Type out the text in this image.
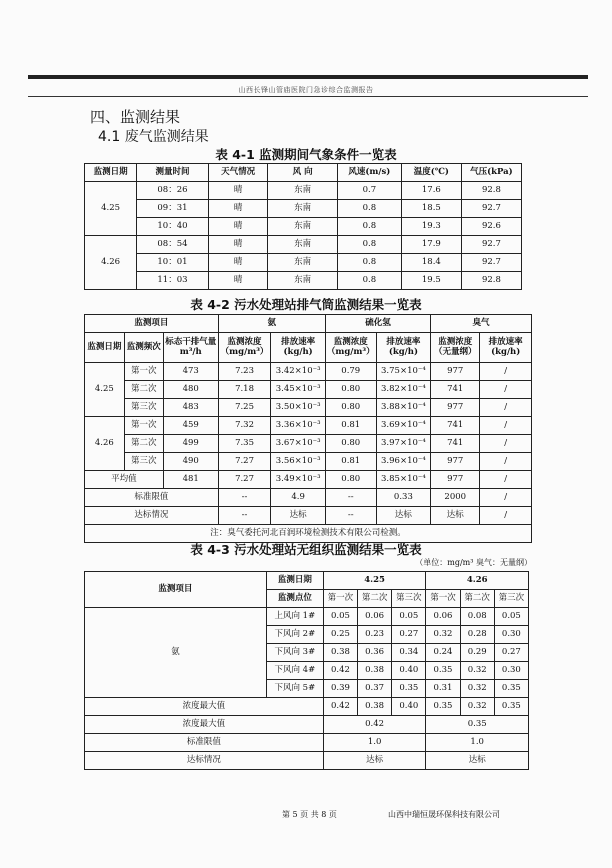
山西长锋山管庙医院门急诊综合监测报告
四、监测结果
4.1 废气监测结果
表 4-1 监测期间气象条件一览表
监测日期	测量时间	天气情况	风 向	风速(m/s)	温度(℃)	气压(kPa)
4.25	08：26	晴	东南	0.7	17.6	92.8
	09：31	晴	东南	0.8	18.5	92.7
	10：40	晴	东南	0.8	19.3	92.6
4.26	08：54	晴	东南	0.8	17.9	92.7
	10：01	晴	东南	0.8	18.4	92.7
	11：03	晴	东南	0.8	19.5	92.8
表 4-2 污水处理站排气筒监测结果一览表
监测项目			氨		硫化氢		臭气	
监测日期	监测频次	标态干排气量 m³/h	监测浓度（mg/m³）	排放速率(kg/h)	监测浓度（mg/m³）	排放速率(kg/h)	监测浓度（无量纲）	排放速率(kg/h)
4.25	第一次	473	7.23	3.42×10⁻³	0.79	3.75×10⁻⁴	977	/
	第二次	480	7.18	3.45×10⁻³	0.80	3.82×10⁻⁴	741	/
	第三次	483	7.25	3.50×10⁻³	0.80	3.88×10⁻⁴	977	/
4.26	第一次	459	7.32	3.36×10⁻³	0.81	3.69×10⁻⁴	741	/
	第二次	499	7.35	3.67×10⁻³	0.80	3.97×10⁻⁴	741	/
	第三次	490	7.27	3.56×10⁻³	0.81	3.96×10⁻⁴	977	/
平均值		481	7.27	3.49×10⁻³	0.80	3.85×10⁻⁴	977	/
标准限值			--	4.9	--	0.33	2000	/
达标情况			--	达标	--	达标	达标	/
注：臭气委托河北百润环境检测技术有限公司检测。								
表 4-3 污水处理站无组织监测结果一览表
（单位：mg/m³ 臭气：无量纲）
监测项目	监测日期	4.25			4.26		
	监测点位	第一次	第二次	第三次	第一次	第二次	第三次
氨	上风向 1#	0.05	0.06	0.05	0.06	0.08	0.05
	下风向 2#	0.25	0.23	0.27	0.32	0.28	0.30
	下风向 3#	0.38	0.36	0.34	0.24	0.29	0.27
	下风向 4#	0.42	0.38	0.40	0.35	0.32	0.30
	下风向 5#	0.39	0.37	0.35	0.31	0.32	0.35

浓度最大值		0.42	0.38	0.40	0.35	0.32	0.35
浓度最大值		0.42			0.35		
标准限值		1.0			1.0		
达标情况		达标			达标		
第 5 页 共 8 页	山西中瑞恒晟环保科技有限公司
